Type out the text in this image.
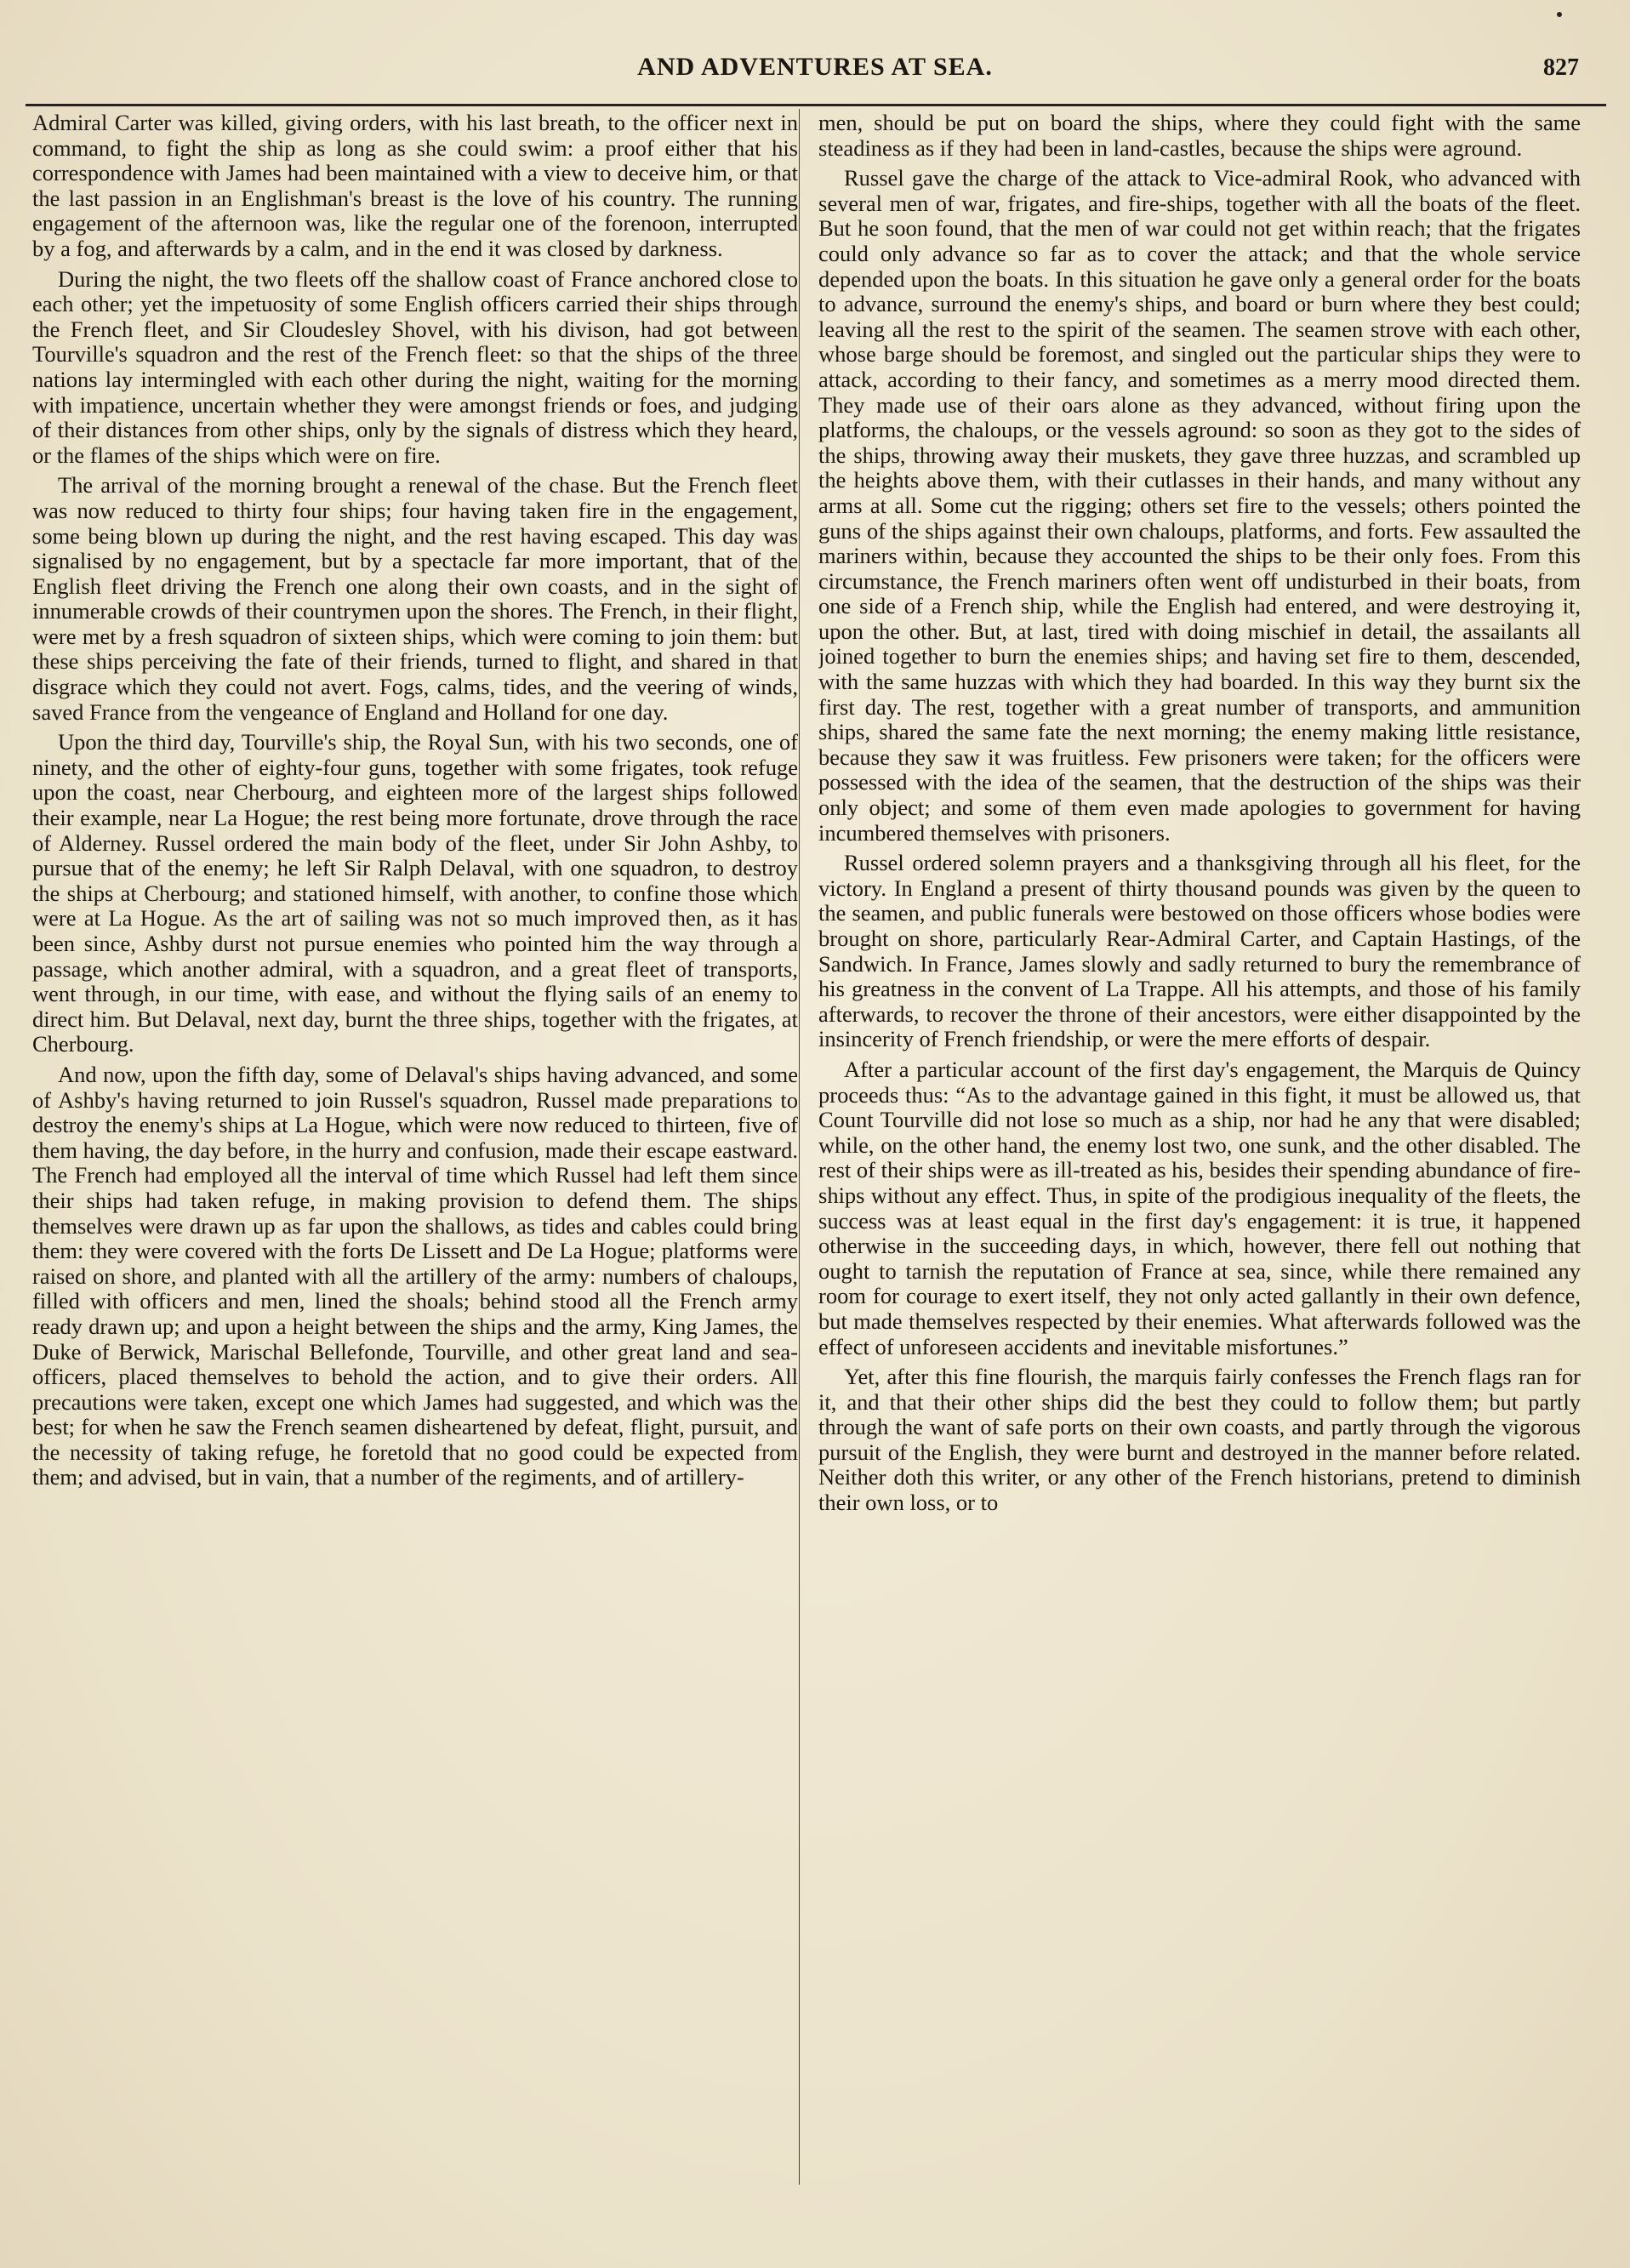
AND ADVENTURES AT SEA.	827

Admiral Carter was killed, giving orders, with his last breath, to the officer next in command, to fight the ship as long as she could swim: a proof either that his correspondence with James had been maintained with a view to deceive him, or that the last passion in an Englishman's breast is the love of his country. The running engagement of the afternoon was, like the regular one of the forenoon, interrupted by a fog, and afterwards by a calm, and in the end it was closed by darkness.

During the night, the two fleets off the shallow coast of France anchored close to each other; yet the impetuosity of some English officers carried their ships through the French fleet, and Sir Cloudesley Shovel, with his divison, had got between Tourville's squadron and the rest of the French fleet: so that the ships of the three nations lay intermingled with each other during the night, waiting for the morning with impatience, uncertain whether they were amongst friends or foes, and judging of their distances from other ships, only by the signals of distress which they heard, or the flames of the ships which were on fire.

The arrival of the morning brought a renewal of the chase. But the French fleet was now reduced to thirty four ships; four having taken fire in the engagement, some being blown up during the night, and the rest having escaped. This day was signalised by no engagement, but by a spectacle far more important, that of the English fleet driving the French one along their own coasts, and in the sight of innumerable crowds of their countrymen upon the shores. The French, in their flight, were met by a fresh squadron of sixteen ships, which were coming to join them: but these ships perceiving the fate of their friends, turned to flight, and shared in that disgrace which they could not avert. Fogs, calms, tides, and the veering of winds, saved France from the vengeance of England and Holland for one day.

Upon the third day, Tourville's ship, the Royal Sun, with his two seconds, one of ninety, and the other of eighty-four guns, together with some frigates, took refuge upon the coast, near Cherbourg, and eighteen more of the largest ships followed their example, near La Hogue; the rest being more fortunate, drove through the race of Alderney. Russel ordered the main body of the fleet, under Sir John Ashby, to pursue that of the enemy; he left Sir Ralph Delaval, with one squadron, to destroy the ships at Cherbourg; and stationed himself, with another, to confine those which were at La Hogue. As the art of sailing was not so much improved then, as it has been since, Ashby durst not pursue enemies who pointed him the way through a passage, which another admiral, with a squadron, and a great fleet of transports, went through, in our time, with ease, and without the flying sails of an enemy to direct him. But Delaval, next day, burnt the three ships, together with the frigates, at Cherbourg.

And now, upon the fifth day, some of Delaval's ships having advanced, and some of Ashby's having returned to join Russel's squadron, Russel made preparations to destroy the enemy's ships at La Hogue, which were now reduced to thirteen, five of them having, the day before, in the hurry and confusion, made their escape eastward. The French had employed all the interval of time which Russel had left them since their ships had taken refuge, in making provision to defend them. The ships themselves were drawn up as far upon the shallows, as tides and cables could bring them: they were covered with the forts De Lissett and De La Hogue; platforms were raised on shore, and planted with all the artillery of the army: numbers of chaloups, filled with officers and men, lined the shoals; behind stood all the French army ready drawn up; and upon a height between the ships and the army, King James, the Duke of Berwick, Marischal Bellefonde, Tourville, and other great land and sea-officers, placed themselves to behold the action, and to give their orders. All precautions were taken, except one which James had suggested, and which was the best; for when he saw the French seamen disheartened by defeat, flight, pursuit, and the necessity of taking refuge, he foretold that no good could be expected from them; and advised, but in vain, that a number of the regiments, and of artillery-

men, should be put on board the ships, where they could fight with the same steadiness as if they had been in land-castles, because the ships were aground.

Russel gave the charge of the attack to Vice-admiral Rook, who advanced with several men of war, frigates, and fire-ships, together with all the boats of the fleet. But he soon found, that the men of war could not get within reach; that the frigates could only advance so far as to cover the attack; and that the whole service depended upon the boats. In this situation he gave only a general order for the boats to advance, surround the enemy's ships, and board or burn where they best could; leaving all the rest to the spirit of the seamen. The seamen strove with each other, whose barge should be foremost, and singled out the particular ships they were to attack, according to their fancy, and sometimes as a merry mood directed them. They made use of their oars alone as they advanced, without firing upon the platforms, the chaloups, or the vessels aground: so soon as they got to the sides of the ships, throwing away their muskets, they gave three huzzas, and scrambled up the heights above them, with their cutlasses in their hands, and many without any arms at all. Some cut the rigging; others set fire to the vessels; others pointed the guns of the ships against their own chaloups, platforms, and forts. Few assaulted the mariners within, because they accounted the ships to be their only foes. From this circumstance, the French mariners often went off undisturbed in their boats, from one side of a French ship, while the English had entered, and were destroying it, upon the other. But, at last, tired with doing mischief in detail, the assailants all joined together to burn the enemies ships; and having set fire to them, descended, with the same huzzas with which they had boarded. In this way they burnt six the first day. The rest, together with a great number of transports, and ammunition ships, shared the same fate the next morning; the enemy making little resistance, because they saw it was fruitless. Few prisoners were taken; for the officers were possessed with the idea of the seamen, that the destruction of the ships was their only object; and some of them even made apologies to government for having incumbered themselves with prisoners.

Russel ordered solemn prayers and a thanksgiving through all his fleet, for the victory. In England a present of thirty thousand pounds was given by the queen to the seamen, and public funerals were bestowed on those officers whose bodies were brought on shore, particularly Rear-Admiral Carter, and Captain Hastings, of the Sandwich. In France, James slowly and sadly returned to bury the remembrance of his greatness in the convent of La Trappe. All his attempts, and those of his family afterwards, to recover the throne of their ancestors, were either disappointed by the insincerity of French friendship, or were the mere efforts of despair.

After a particular account of the first day's engagement, the Marquis de Quincy proceeds thus: “As to the advantage gained in this fight, it must be allowed us, that Count Tourville did not lose so much as a ship, nor had he any that were disabled; while, on the other hand, the enemy lost two, one sunk, and the other disabled. The rest of their ships were as ill-treated as his, besides their spending abundance of fire-ships without any effect. Thus, in spite of the prodigious inequality of the fleets, the success was at least equal in the first day's engagement: it is true, it happened otherwise in the succeeding days, in which, however, there fell out nothing that ought to tarnish the reputation of France at sea, since, while there remained any room for courage to exert itself, they not only acted gallantly in their own defence, but made themselves respected by their enemies. What afterwards followed was the effect of unforeseen accidents and inevitable misfortunes.”

Yet, after this fine flourish, the marquis fairly confesses the French flags ran for it, and that their other ships did the best they could to follow them; but partly through the want of safe ports on their own coasts, and partly through the vigorous pursuit of the English, they were burnt and destroyed in the manner before related. Neither doth this writer, or any other of the French historians, pretend to diminish their own loss, or to
